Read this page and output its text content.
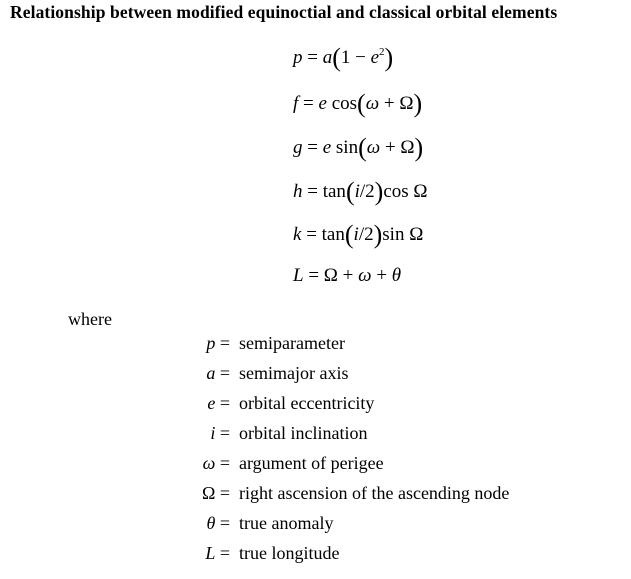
Relationship between modified equinoctial and classical orbital elements
$p = a(1 - e^2)$
f = e cos(ω + Ω)
g = e sin(ω + Ω)
h = tan(i/2)cos Ω
k = tan(i/2)sin Ω
L = Ω + ω + θ
where
p = semiparameter
a = semimajor axis
e = orbital eccentricity
i = orbital inclination
ω = argument of perigee
Ω = right ascension of the ascending node
θ = true anomaly
L = true longitude
